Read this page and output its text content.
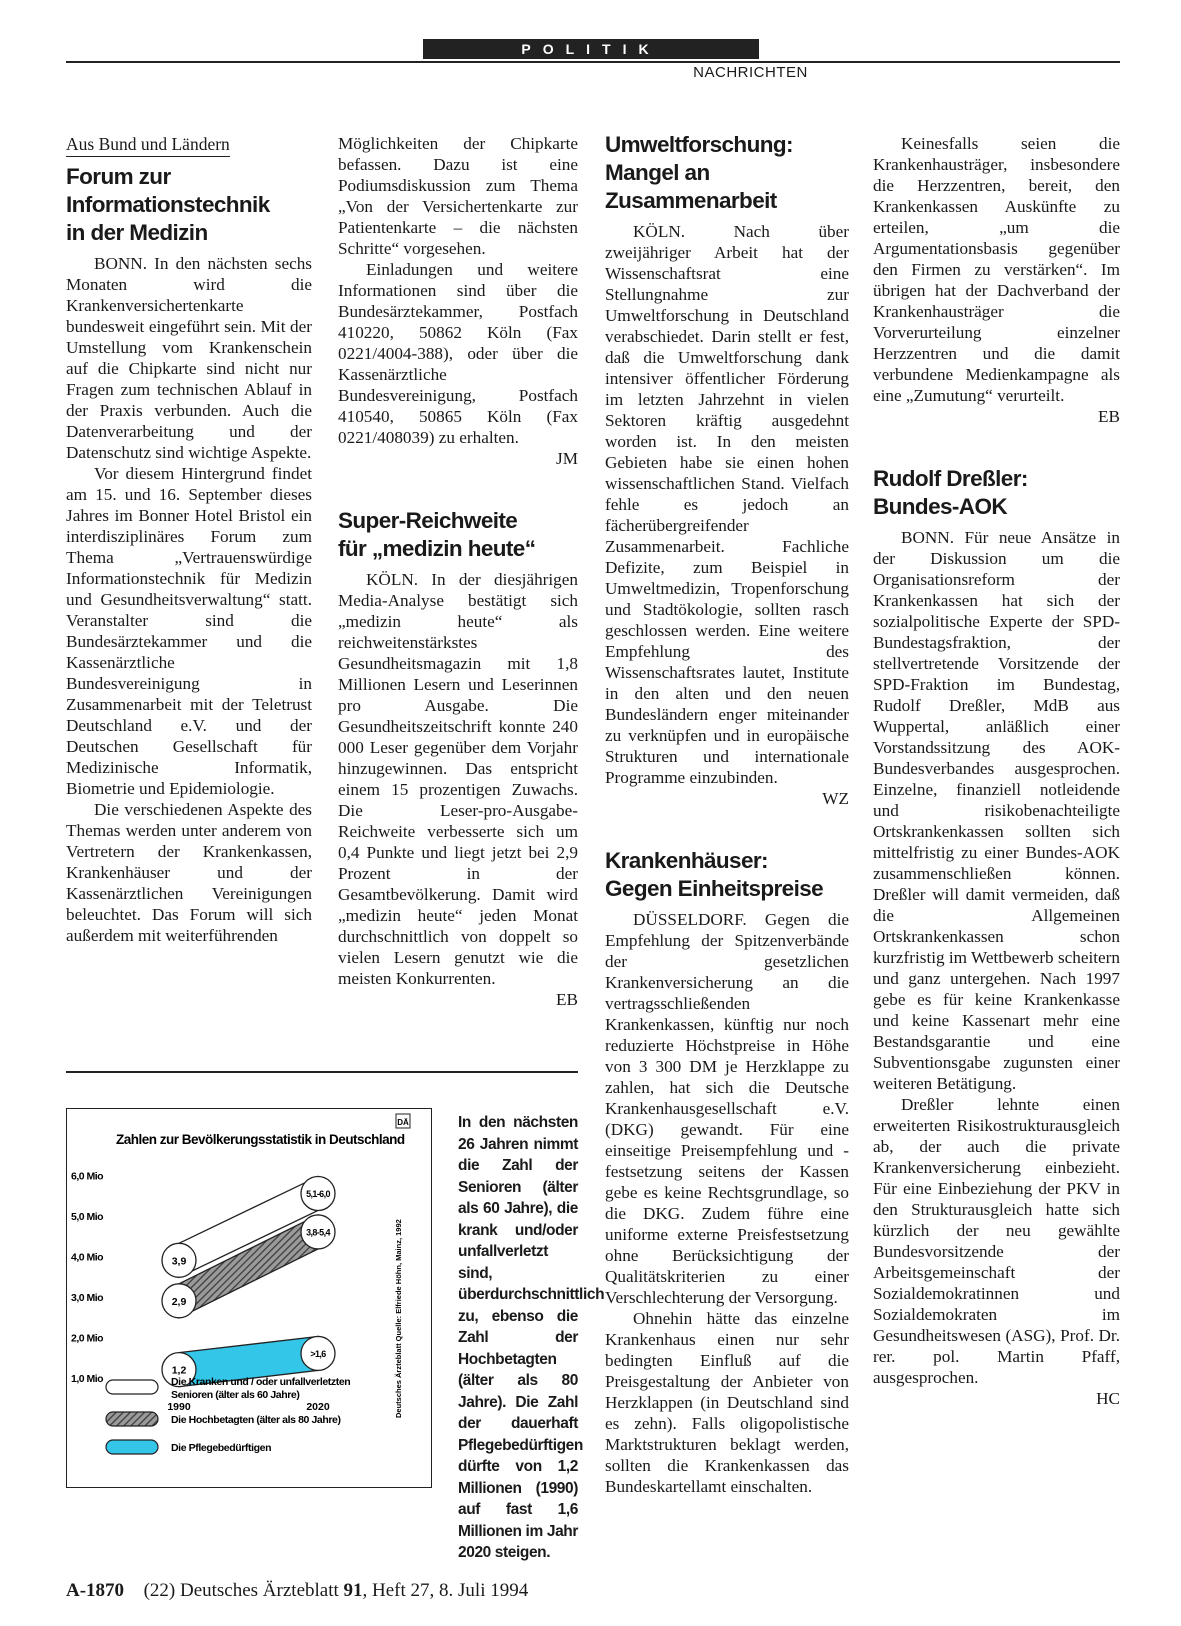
POLITIK
NACHRICHTEN
Aus Bund und Ländern
Forum zur
Informationstechnik
in der Medizin

BONN. In den nächsten sechs Monaten wird die Krankenversichertenkarte bundesweit eingeführt sein. Mit der Umstellung vom Krankenschein auf die Chipkarte sind nicht nur Fragen zum technischen Ablauf in der Praxis verbunden. Auch die Datenverarbeitung und der Datenschutz sind wichtige Aspekte.

Vor diesem Hintergrund findet am 15. und 16. September dieses Jahres im Bonner Hotel Bristol ein interdisziplinäres Forum zum Thema „Vertrauenswürdige Informationstechnik für Medizin und Gesundheitsverwaltung“ statt. Veranstalter sind die Bundesärztekammer und die Kassenärztliche Bundesvereinigung in Zusammenarbeit mit der Teletrust Deutschland e.V. und der Deutschen Gesellschaft für Medizinische Informatik, Biometrie und Epidemiologie.

Die verschiedenen Aspekte des Themas werden unter anderem von Vertretern der Krankenkassen, Krankenhäuser und der Kassenärztlichen Vereinigungen beleuchtet. Das Forum will sich außerdem mit weiterführenden

Möglichkeiten der Chipkarte befassen. Dazu ist eine Podiumsdiskussion zum Thema „Von der Versichertenkarte zur Patientenkarte – die nächsten Schritte“ vorgesehen.

Einladungen und weitere Informationen sind über die Bundesärztekammer, Postfach 410220, 50862 Köln (Fax 0221/4004-388), oder über die Kassenärztliche Bundesvereinigung, Postfach 410540, 50865 Köln (Fax 0221/408039) zu erhalten.

JM
Super-Reichweite
für „medizin heute“

KÖLN. In der diesjährigen Media-Analyse bestätigt sich „medizin heute“ als reichweitenstärkstes Gesundheitsmagazin mit 1,8 Millionen Lesern und Leserinnen pro Ausgabe. Die Gesundheitszeitschrift konnte 240 000 Leser gegenüber dem Vorjahr hinzugewinnen. Das entspricht einem 15 prozentigen Zuwachs. Die Leser-pro-Ausgabe-Reichweite verbesserte sich um 0,4 Punkte und liegt jetzt bei 2,9 Prozent in der Gesamtbevölkerung. Damit wird „medizin heute“ jeden Monat durchschnittlich von doppelt so vielen Lesern genutzt wie die meisten Konkurrenten.

EB
Umweltforschung:
Mangel an
Zusammenarbeit

KÖLN. Nach über zweijähriger Arbeit hat der Wissenschaftsrat eine Stellungnahme zur Umweltforschung in Deutschland verabschiedet. Darin stellt er fest, daß die Umweltforschung dank intensiver öffentlicher Förderung im letzten Jahrzehnt in vielen Sektoren kräftig ausgedehnt worden ist. In den meisten Gebieten habe sie einen hohen wissenschaftlichen Stand. Vielfach fehle es jedoch an fächerübergreifender Zusammenarbeit. Fachliche Defizite, zum Beispiel in Umweltmedizin, Tropenforschung und Stadtökologie, sollten rasch geschlossen werden. Eine weitere Empfehlung des Wissenschaftsrates lautet, Institute in den alten und den neuen Bundesländern enger miteinander zu verknüpfen und in europäische Strukturen und internationale Programme einzubinden.

WZ
Krankenhäuser:
Gegen Einheitspreise

DÜSSELDORF. Gegen die Empfehlung der Spitzenverbände der gesetzlichen Krankenversicherung an die vertragsschließenden Krankenkassen, künftig nur noch reduzierte Höchstpreise in Höhe von 3 300 DM je Herzklappe zu zahlen, hat sich die Deutsche Krankenhausgesellschaft e.V. (DKG) gewandt. Für eine einseitige Preisempfehlung und -festsetzung seitens der Kassen gebe es keine Rechtsgrundlage, so die DKG. Zudem führe eine uniforme externe Preisfestsetzung ohne Berücksichtigung der Qualitätskriterien zu einer Verschlechterung der Versorgung.

Ohnehin hätte das einzelne Krankenhaus einen nur sehr bedingten Einfluß auf die Preisgestaltung der Anbieter von Herzklappen (in Deutschland sind es zehn). Falls oligopolistische Marktstrukturen beklagt werden, sollten die Krankenkassen das Bundeskartellamt einschalten.

Keinesfalls seien die Krankenhausträger, insbesondere die Herzzentren, bereit, den Krankenkassen Auskünfte zu erteilen, „um die Argumentationsbasis gegenüber den Firmen zu verstärken“. Im übrigen hat der Dachverband der Krankenhausträger die Vorverurteilung einzelner Herzzentren und die damit verbundene Medienkampagne als eine „Zumutung“ verurteilt.

EB
Rudolf Dreßler:
Bundes-AOK

BONN. Für neue Ansätze in der Diskussion um die Organisationsreform der Krankenkassen hat sich der sozialpolitische Experte der SPD-Bundestagsfraktion, der stellvertretende Vorsitzende der SPD-Fraktion im Bundestag, Rudolf Dreßler, MdB aus Wuppertal, anläßlich einer Vorstandssitzung des AOK-Bundesverbandes ausgesprochen. Einzelne, finanziell notleidende und risikobenachteiligte Ortskrankenkassen sollten sich mittelfristig zu einer Bundes-AOK zusammenschließen können. Dreßler will damit vermeiden, daß die Allgemeinen Ortskrankenkassen schon kurzfristig im Wettbewerb scheitern und ganz untergehen. Nach 1997 gebe es für keine Krankenkasse und keine Kassenart mehr eine Bestandsgarantie und eine Subventionsgabe zugunsten einer weiteren Betätigung.

Dreßler lehnte einen erweiterten Risikostrukturausgleich ab, der auch die private Krankenversicherung einbezieht. Für eine Einbeziehung der PKV in den Strukturausgleich hatte sich kürzlich der neu gewählte Bundesvorsitzende der Arbeitsgemeinschaft der Sozialdemokratinnen und Sozialdemokraten im Gesundheitswesen (ASG), Prof. Dr. rer. pol. Martin Pfaff, ausgesprochen.

HC
Zahlen zur Bevölkerungsstatistik in Deutschland
DÄ
Deutsches Ärzteblatt Quelle: Elfriede Höhn, Mainz, 1992
6,0 Mio
5,0 Mio
4,0 Mio
3,0 Mio
2,0 Mio
1,0 Mio
3,9
5,1-6,0
2,9
3,8-5,4
1,2
>1,6
1990	2020
Die Kranken und / oder unfallverletzten
Senioren (älter als 60 Jahre)
Die Hochbetagten (älter als 80 Jahre)
Die Pflegebedürftigen
In den nächsten 26 Jahren nimmt die Zahl der Senioren (älter als 60 Jahre), die krank und/oder unfallverletzt sind, überdurchschnittlich zu, ebenso die Zahl der Hochbetagten (älter als 80 Jahre). Die Zahl der dauerhaft Pflegebedürftigen dürfte von 1,2 Millionen (1990) auf fast 1,6 Millionen im Jahr 2020 steigen.
A-1870 (22) Deutsches Ärzteblatt 91, Heft 27, 8. Juli 1994
